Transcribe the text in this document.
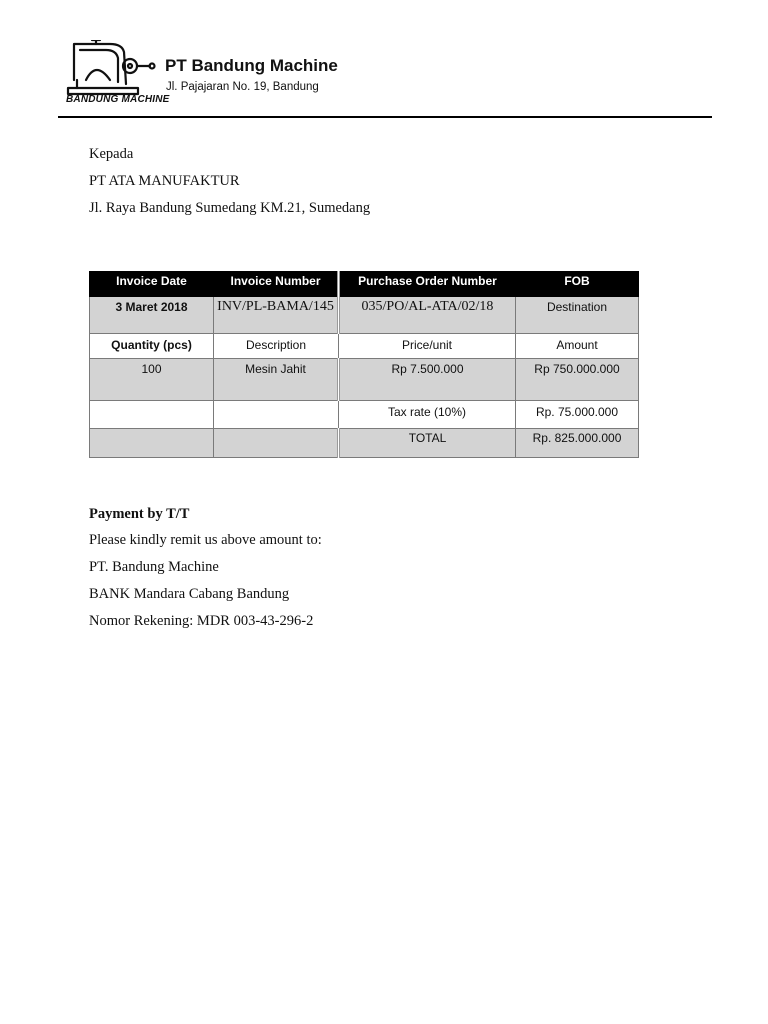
BANDUNG MACHINE
PT Bandung Machine
Jl. Pajajaran No. 19, Bandung
Kepada
PT ATA MANUFAKTUR
Jl. Raya Bandung Sumedang KM.21, Sumedang
Invoice Date	Invoice Number	Purchase Order Number	FOB
3 Maret 2018	INV/PL-BAMA/145	035/PO/AL-ATA/02/18	Destination
Quantity (pcs)	Description	Price/unit	Amount
100	Mesin Jahit	Rp 7.500.000	Rp 750.000.000
		Tax rate (10%)	Rp. 75.000.000
		TOTAL	Rp. 825.000.000
Payment by T/T
Please kindly remit us above amount to:
PT. Bandung Machine
BANK Mandara Cabang Bandung
Nomor Rekening: MDR 003-43-296-2
